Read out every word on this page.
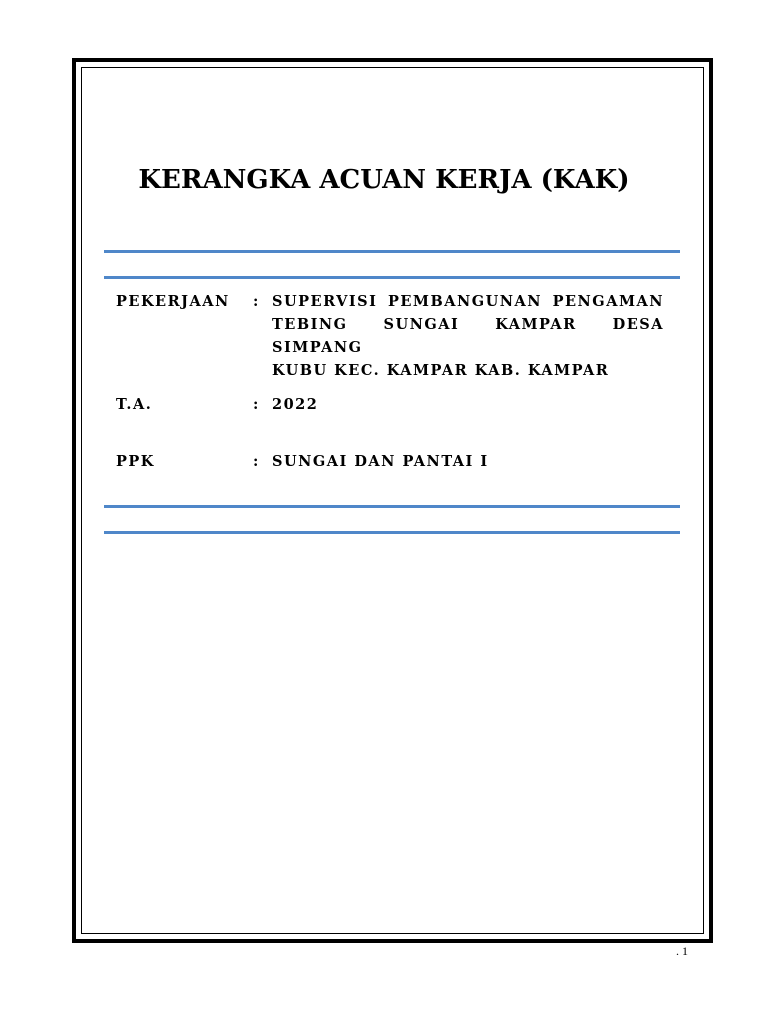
KERANGKA ACUAN KERJA (KAK)
PEKERJAAN : SUPERVISI PEMBANGUNAN PENGAMAN
TEBING SUNGAI KAMPAR DESA SIMPANG
KUBU KEC. KAMPAR KAB. KAMPAR
T.A.	: 2022
PPK	: SUNGAI DAN PANTAI I
. 1
